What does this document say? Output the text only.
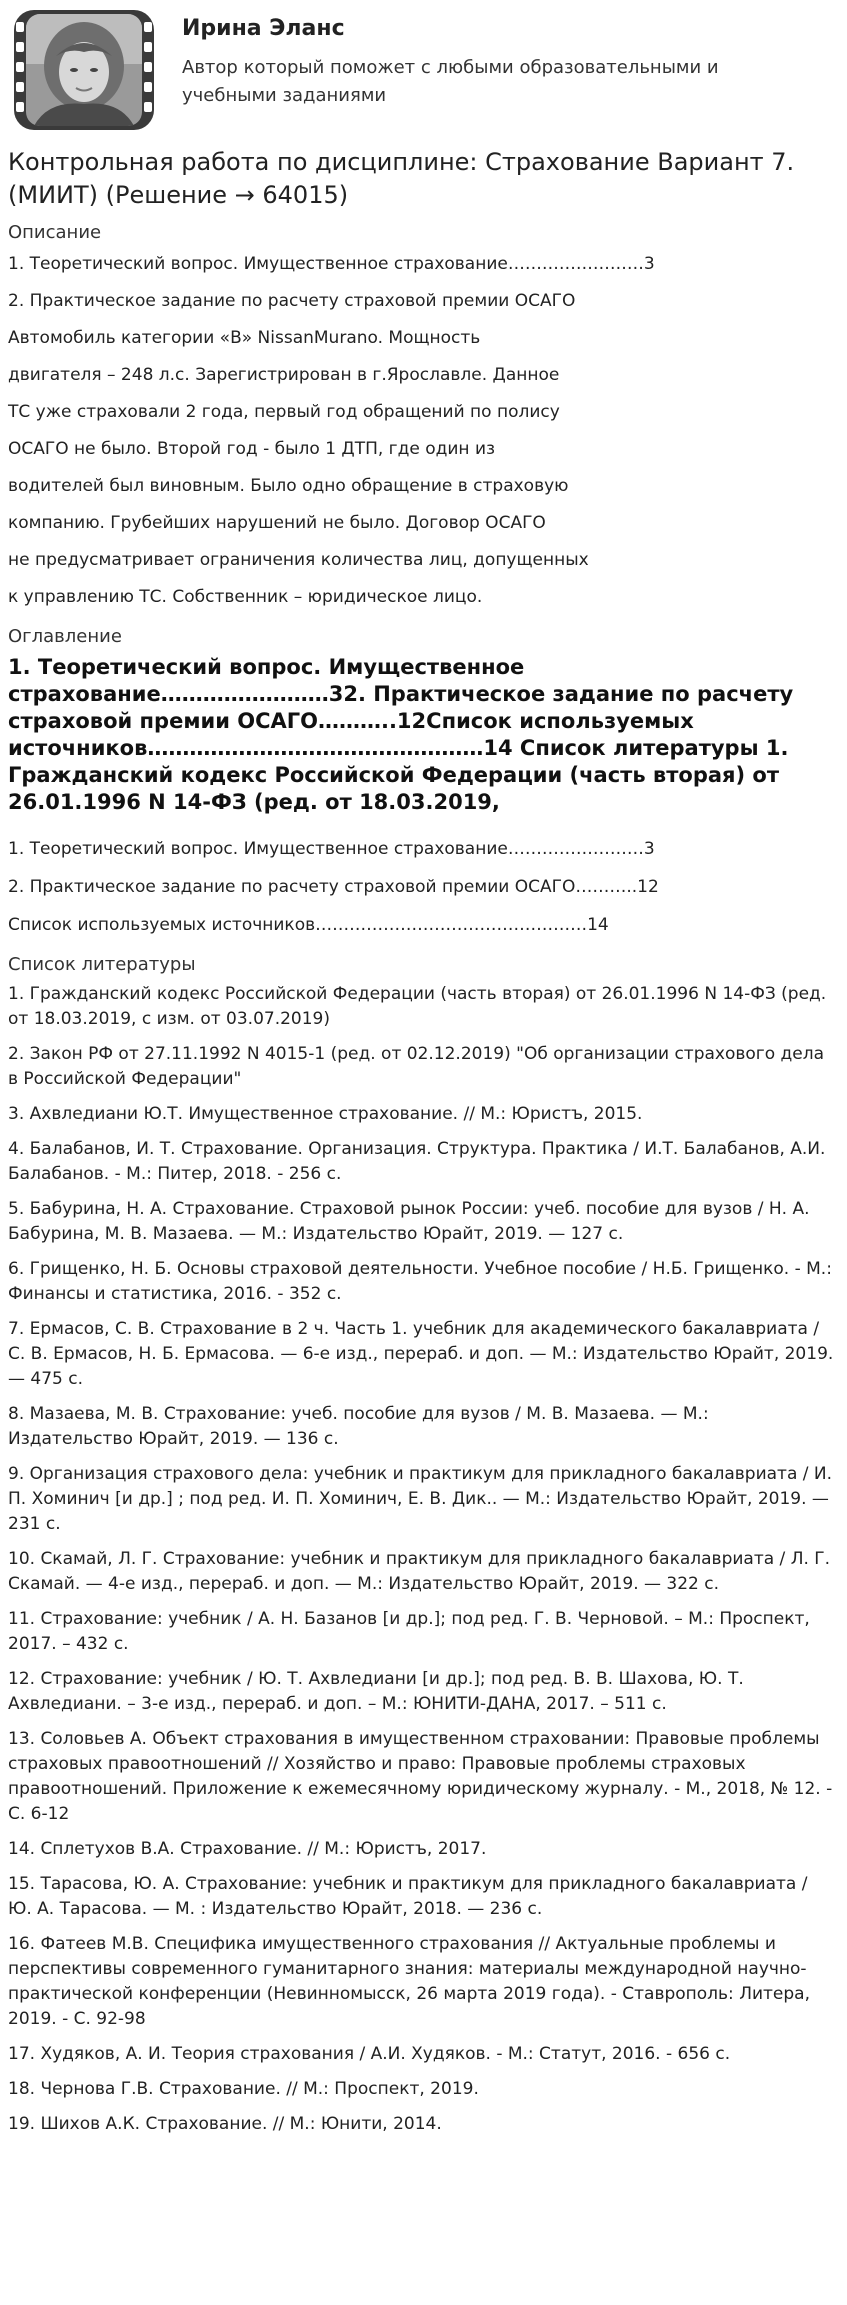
Ирина Эланс
Автор который поможет с любыми образовательными и учебными заданиями
Контрольная работа по дисциплине: Страхование Вариант 7. (МИИТ) (Решение → 64015)
Описание
1. Теоретический вопрос. Имущественное страхование……………………3
2. Практическое задание по расчету страховой премии ОСАГО
Автомобиль категории «В» NissanMurano. Мощность
двигателя – 248 л.с. Зарегистрирован в г.Ярославле. Данное
ТС уже страховали 2 года, первый год обращений по полису
ОСАГО не было. Второй год - было 1 ДТП, где один из
водителей был виновным. Было одно обращение в страховую
компанию. Грубейших нарушений не было. Договор ОСАГО
не предусматривает ограничения количества лиц, допущенных
к управлению ТС. Собственник – юридическое лицо.
Оглавление
1. Теоретический вопрос. Имущественное страхование……………………32. Практическое задание по расчету страховой премии ОСАГО………..12Список используемых источников…………………………………………14 Список литературы 1. Гражданский кодекс Российской Федерации (часть вторая) от 26.01.1996 N 14-ФЗ (ред. от 18.03.2019,
1. Теоретический вопрос. Имущественное страхование……………………3
2. Практическое задание по расчету страховой премии ОСАГО………..12
Список используемых источников…………………………………………14
Список литературы
1. Гражданский кодекс Российской Федерации (часть вторая) от 26.01.1996 N 14-ФЗ (ред. от 18.03.2019, с изм. от 03.07.2019)
2. Закон РФ от 27.11.1992 N 4015-1 (ред. от 02.12.2019) "Об организации страхового дела в Российской Федерации"
3. Ахвледиани Ю.Т. Имущественное страхование. // М.: Юристъ, 2015.
4. Балабанов, И. Т. Страхование. Организация. Структура. Практика / И.Т. Балабанов, А.И. Балабанов. - М.: Питер, 2018. - 256 с.
5. Бабурина, Н. А. Страхование. Страховой рынок России: учеб. пособие для вузов / Н. А. Бабурина, М. В. Мазаева. — М.: Издательство Юрайт, 2019. — 127 с.
6. Грищенко, Н. Б. Основы страховой деятельности. Учебное пособие / Н.Б. Грищенко. - М.: Финансы и статистика, 2016. - 352 с.
7. Ермасов, С. В. Страхование в 2 ч. Часть 1. учебник для академического бакалавриата / С. В. Ермасов, Н. Б. Ермасова. — 6-е изд., перераб. и доп. — М.: Издательство Юрайт, 2019. — 475 с.
8. Мазаева, М. В. Страхование: учеб. пособие для вузов / М. В. Мазаева. — М.: Издательство Юрайт, 2019. — 136 с.
9. Организация страхового дела: учебник и практикум для прикладного бакалавриата / И. П. Хоминич [и др.] ; под ред. И. П. Хоминич, Е. В. Дик.. — М.: Издательство Юрайт, 2019. — 231 с.
10. Скамай, Л. Г. Страхование: учебник и практикум для прикладного бакалавриата / Л. Г. Скамай. — 4-е изд., перераб. и доп. — М.: Издательство Юрайт, 2019. — 322 с.
11. Страхование: учебник / А. Н. Базанов [и др.]; под ред. Г. В. Черновой. – М.: Проспект, 2017. – 432 с.
12. Страхование: учебник / Ю. Т. Ахвледиани [и др.]; под ред. В. В. Шахова, Ю. Т. Ахвледиани. – 3-е изд., перераб. и доп. – М.: ЮНИТИ-ДАНА, 2017. – 511 с.
13. Соловьев А. Объект страхования в имущественном страховании: Правовые проблемы страховых правоотношений // Хозяйство и право: Правовые проблемы страховых правоотношений. Приложение к ежемесячному юридическому журналу. - М., 2018, № 12. - С. 6-12
14. Сплетухов В.А. Страхование. // М.: Юристъ, 2017.
15. Тарасова, Ю. А. Страхование: учебник и практикум для прикладного бакалавриата / Ю. А. Тарасова. — М. : Издательство Юрайт, 2018. — 236 с.
16. Фатеев М.В. Специфика имущественного страхования // Актуальные проблемы и перспективы современного гуманитарного знания: материалы международной научно-практической конференции (Невинномысск, 26 марта 2019 года). - Ставрополь: Литера, 2019. - С. 92-98
17. Худяков, А. И. Теория страхования / А.И. Худяков. - М.: Статут, 2016. - 656 с.
18. Чернова Г.В. Страхование. // М.: Проспект, 2019.
19. Шихов А.К. Страхование. // М.: Юнити, 2014.
